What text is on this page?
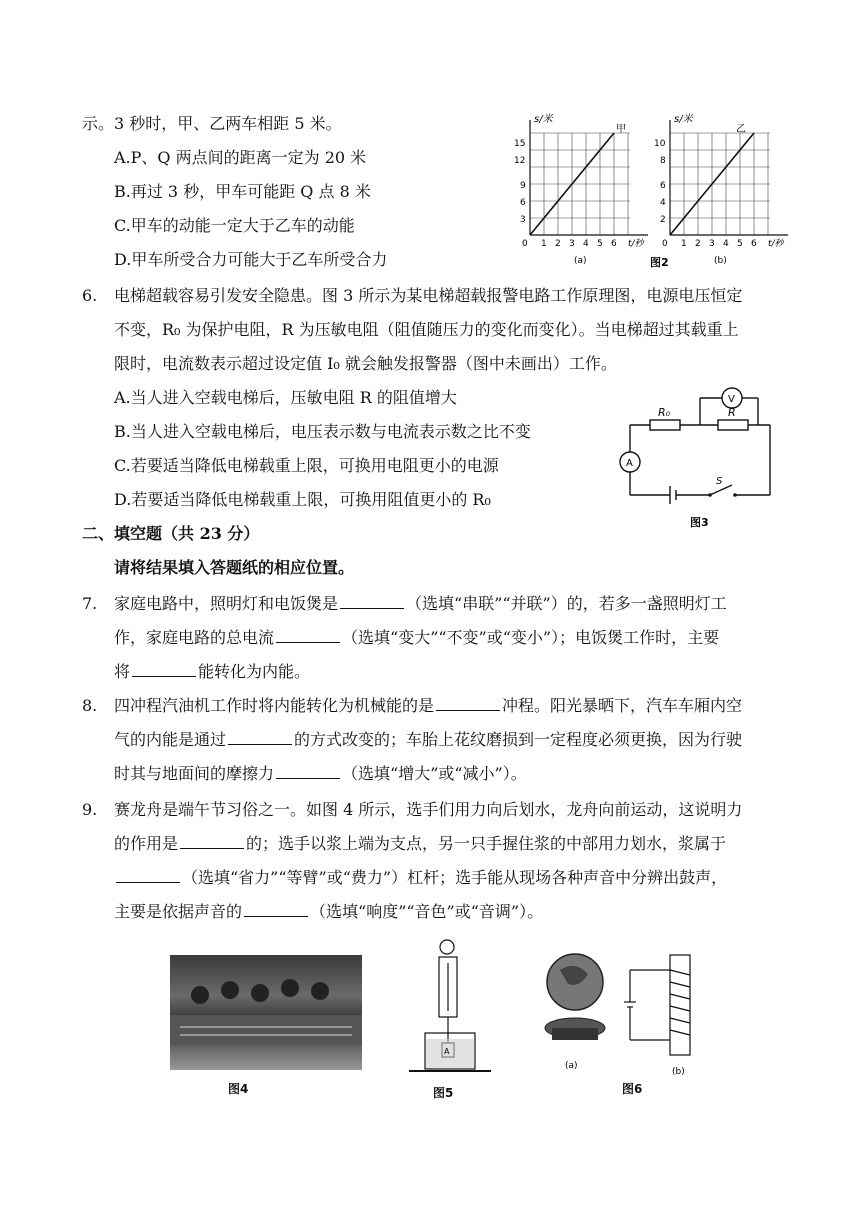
示。3 秒时，甲、乙两车相距 5 米。
A.P、Q 两点间的距离一定为 20 米
B.再过 3 秒，甲车可能距 Q 点 8 米
C.甲车的动能一定大于乙车的动能
D.甲车所受合力可能大于乙车所受合力
s/米
甲
15
12
9
6
3
0 1 2 3 4 5 6 t/秒
(a)
s/米
乙
10
8
6
4
2
0 1 2 3 4 5 6 t/秒
(b)
图2
6. 电梯超载容易引发安全隐患。图 3 所示为某电梯超载报警电路工作原理图，电源电压恒定
不变，R₀ 为保护电阻，R 为压敏电阻（阻值随压力的变化而变化）。当电梯超过其载重上
限时，电流数表示超过设定值 I₀ 就会触发报警器（图中未画出）工作。
A.当人进入空载电梯后，压敏电阻 R 的阻值增大
B.当人进入空载电梯后，电压表示数与电流表示数之比不变
C.若要适当降低电梯载重上限，可换用电阻更小的电源
D.若要适当降低电梯载重上限，可换用阻值更小的 R₀
R₀	R
V
A
S
图3
二、填空题（共 23 分）
请将结果填入答题纸的相应位置。
7. 家庭电路中，照明灯和电饭煲是	（选填“串联”“并联”）的，若多一盏照明灯工
作，家庭电路的总电流	（选填“变大”“不变”或“变小”）；电饭煲工作时，主要
将	能转化为内能。
8. 四冲程汽油机工作时将内能转化为机械能的是	冲程。阳光暴晒下，汽车车厢内空
气的内能是通过	的方式改变的；车胎上花纹磨损到一定程度必须更换，因为行驶
时其与地面间的摩擦力	（选填“增大”或“减小”）。
9. 赛龙舟是端午节习俗之一。如图 4 所示，选手们用力向后划水，龙舟向前运动，这说明力
的作用是	的；选手以浆上端为支点，另一只手握住浆的中部用力划水，浆属于
（选填“省力”“等臂”或“费力”）杠杆；选手能从现场各种声音中分辨出鼓声，
主要是依据声音的	（选填“响度”“音色”或“音调”）。
图4
A
图5
(a)
(b)
图6
